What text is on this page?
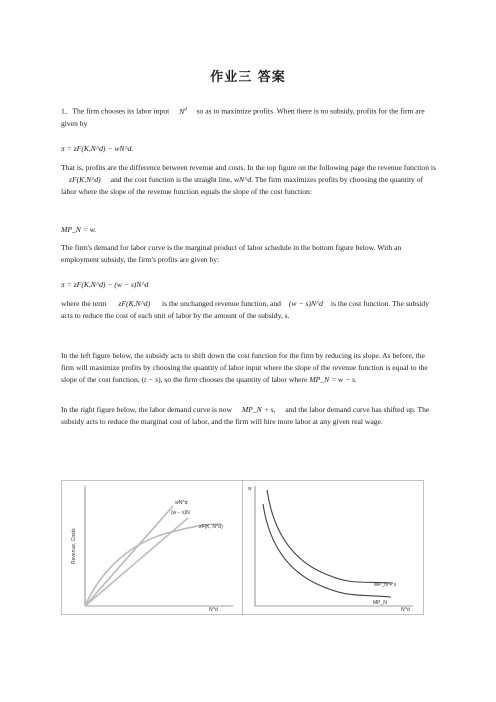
作业三 答案

1．The firm chooses its labor input $N^d$ so as to maximize profits. When there is no subsidy, profits for the firm are given by

π = zF(K,N^d) − wN^d.

That is, profits are the difference between revenue and costs. In the top figure on the following page the revenue function is zF(K,N^d) and the cost function is the straight line, wN^d. The firm maximizes profits by choosing the quantity of labor where the slope of the revenue function equals the slope of the cost function:

MP_N = w.
The firm's demand for labor curve is the marginal product of labor schedule in the bottom figure below. With an employment subsidy, the firm's profits are given by:
π = zF(K,N^d) − (w − s)N^d

where the term zF(K,N^d) is the unchanged revenue function, and (w − s)N^d is the cost function. The subsidy acts to reduce the cost of each unit of labor by the amount of the subsidy, s.

In the left figure below, the subsidy acts to shift down the cost function for the firm by reducing its slope. As before, the firm will maximize profits by choosing the quantity of labor input where the slope of the revenue function is equal to the slope of the cost function, (t − s), so the firm chooses the quantity of labor where MP_N = w − s.

In the right figure below, the labor demand curve is now MP_N + s, and the labor demand curve has shifted up. The subsidy acts to reduce the marginal cost of labor, and the firm will hire more labor at any given real wage.

Revenue, Costs
wN^d
(w − s)N
zF(K, N^d)
N^d
w
MP_N + s
MP_N
N^d
